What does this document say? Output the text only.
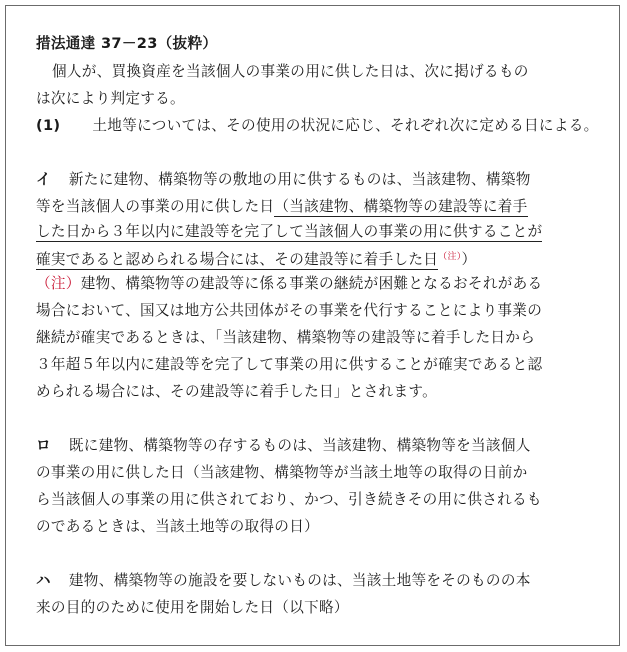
措法通達 37－23（抜粋）
個人が、買換資産を当該個人の事業の用に供した日は、次に掲げるもの
は次により判定する。
(1) 土地等については、その使用の状況に応じ、それぞれ次に定める日による。
イ 新たに建物、構築物等の敷地の用に供するものは、当該建物、構築物
等を当該個人の事業の用に供した日（当該建物、構築物等の建設等に着手
した日から３年以内に建設等を完了して当該個人の事業の用に供することが
確実であると認められる場合には、その建設等に着手した日$^{(注)}$）
（注）建物、構築物等の建設等に係る事業の継続が困難となるおそれがある
場合において、国又は地方公共団体がその事業を代行することにより事業の
継続が確実であるときは、「当該建物、構築物等の建設等に着手した日から
３年超５年以内に建設等を完了して事業の用に供することが確実であると認
められる場合には、その建設等に着手した日」とされます。
ロ 既に建物、構築物等の存するものは、当該建物、構築物等を当該個人
の事業の用に供した日（当該建物、構築物等が当該土地等の取得の日前か
ら当該個人の事業の用に供されており、かつ、引き続きその用に供されるも
のであるときは、当該土地等の取得の日）
ハ 建物、構築物等の施設を要しないものは、当該土地等をそのものの本
来の目的のために使用を開始した日（以下略）
